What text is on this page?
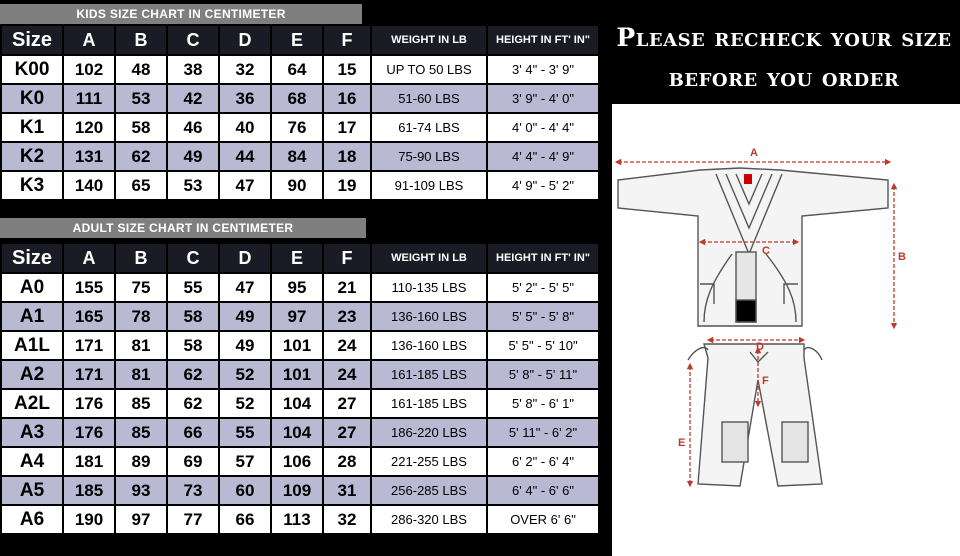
KIDS SIZE CHART IN CENTIMETER
Size	A	B	C	D	E	F	WEIGHT IN LB	HEIGHT IN FT' IN"
K00	102	48	38	32	64	15	UP TO 50 LBS	3' 4" - 3' 9"
K0	111	53	42	36	68	16	51-60 LBS	3' 9" - 4' 0"
K1	120	58	46	40	76	17	61-74 LBS	4' 0" - 4' 4"
K2	131	62	49	44	84	18	75-90 LBS	4' 4" - 4' 9"
K3	140	65	53	47	90	19	91-109 LBS	4' 9" - 5' 2"
ADULT SIZE CHART IN CENTIMETER
Size	A	B	C	D	E	F	WEIGHT IN LB	HEIGHT IN FT' IN"
A0	155	75	55	47	95	21	110-135 LBS	5' 2" - 5' 5"
A1	165	78	58	49	97	23	136-160 LBS	5' 5" - 5' 8"
A1L	171	81	58	49	101	24	136-160 LBS	5' 5" - 5' 10"
A2	171	81	62	52	101	24	161-185 LBS	5' 8" - 5' 11"
A2L	176	85	62	52	104	27	161-185 LBS	5' 8" - 6' 1"
A3	176	85	66	55	104	27	186-220 LBS	5' 11" - 6' 2"
A4	181	89	69	57	106	28	221-255 LBS	6' 2" - 6' 4"
A5	185	93	73	60	109	31	256-285 LBS	6' 4" - 6' 6"
A6	190	97	77	66	113	32	286-320 LBS	OVER 6' 6"
Please recheck your size
before you order
A
B
C
D
E
F
